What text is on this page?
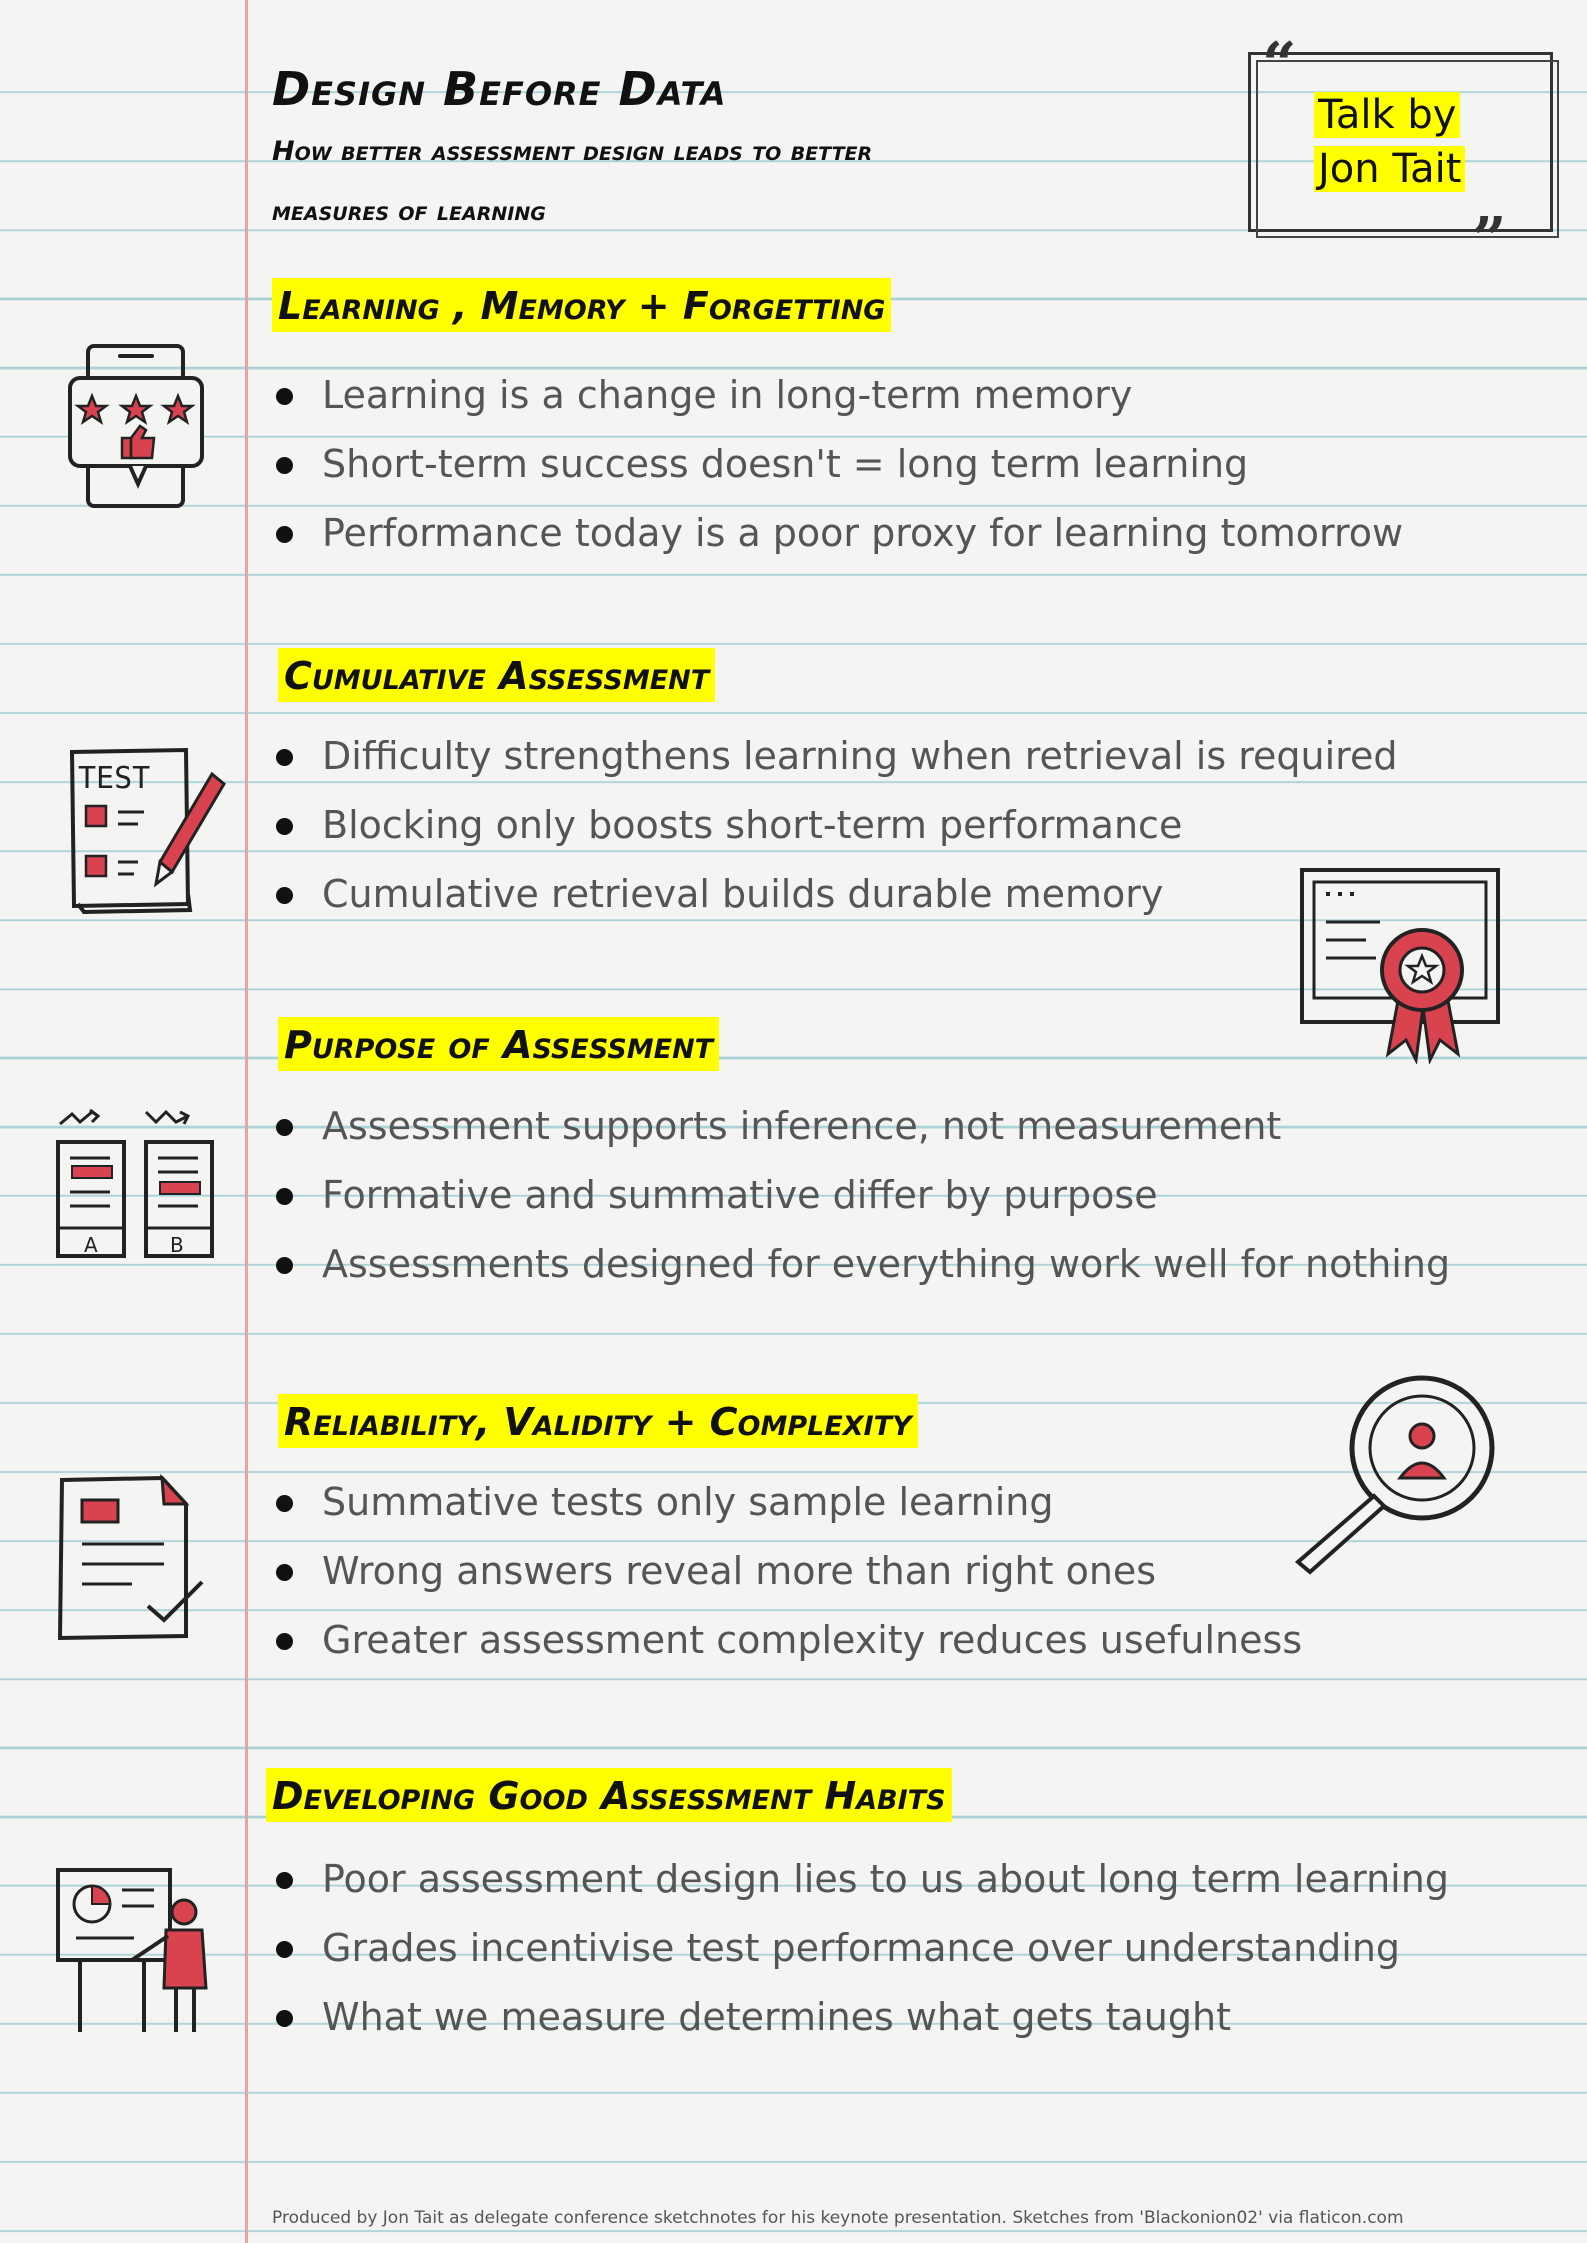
Design Before Data

How better assessment design leads to better

measures of learning

“
”

Talk by
Jon Tait

Learning , Memory + Forgetting
Learning is a change in long-term memory
Short-term success doesn't = long term learning
Performance today is a poor proxy for learning tomorrow
Cumulative Assessment
Difficulty strengthens learning when retrieval is required
Blocking only boosts short-term performance
Cumulative retrieval builds durable memory
Purpose of Assessment
Assessment supports inference, not measurement
Formative and summative differ by purpose
Assessments designed for everything work well for nothing
Reliability, Validity + Complexity
Summative tests only sample learning
Wrong answers reveal more than right ones
Greater assessment complexity reduces usefulness
Developing Good Assessment Habits
Poor assessment design lies to us about long term learning
Grades incentivise test performance over understanding
What we measure determines what gets taught
TEST
A	B

Produced by Jon Tait as delegate conference sketchnotes for his keynote presentation. Sketches from 'Blackonion02' via flaticon.com
